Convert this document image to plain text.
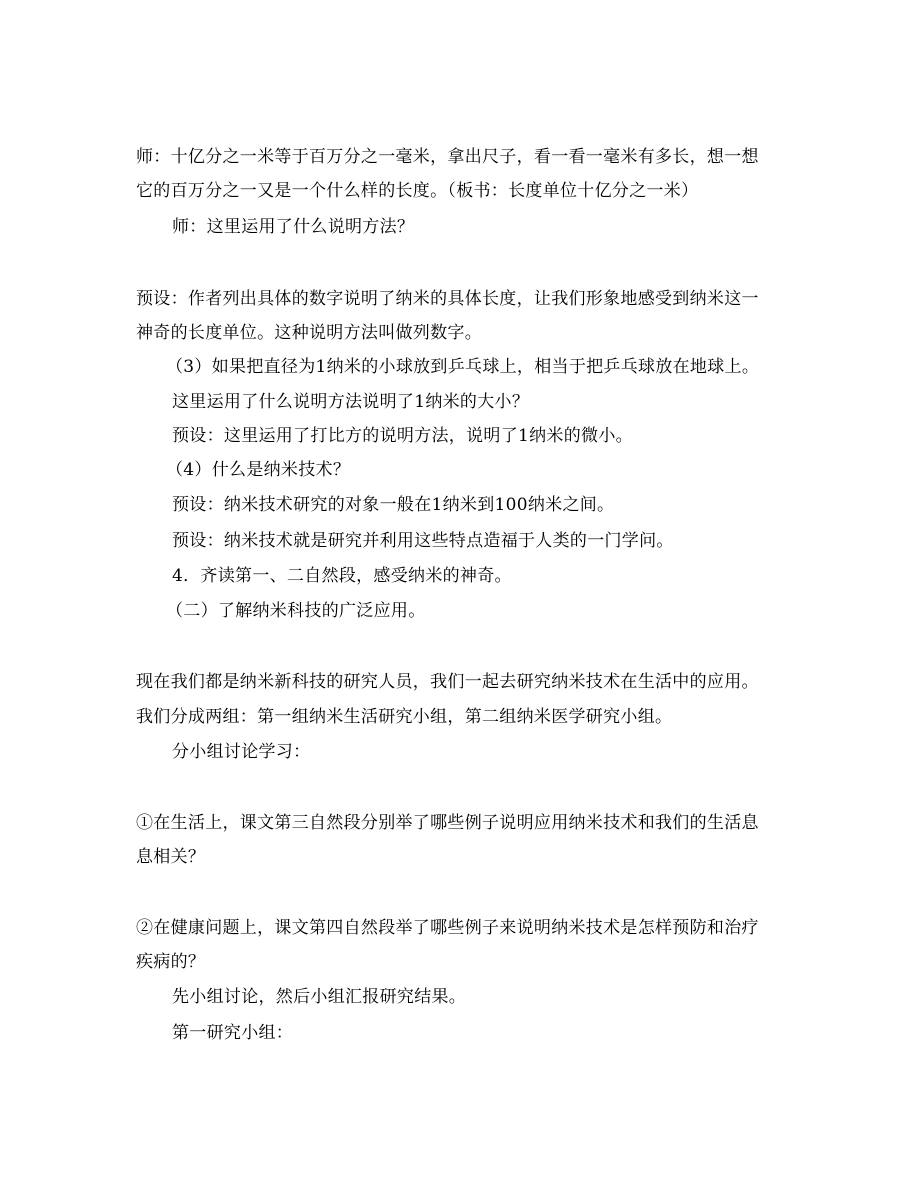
师：十亿分之一米等于百万分之一毫米，拿出尺子，看一看一毫米有多长，想一想
它的百万分之一又是一个什么样的长度。（板书：长度单位十亿分之一米）
师：这里运用了什么说明方法？
预设：作者列出具体的数字说明了纳米的具体长度，让我们形象地感受到纳米这一
神奇的长度单位。这种说明方法叫做列数字。
（3）如果把直径为1纳米的小球放到乒乓球上，相当于把乒乓球放在地球上。
这里运用了什么说明方法说明了1纳米的大小？
预设：这里运用了打比方的说明方法，说明了1纳米的微小。
（4）什么是纳米技术？
预设：纳米技术研究的对象一般在1纳米到100纳米之间。
预设：纳米技术就是研究并利用这些特点造福于人类的一门学问。
4．齐读第一、二自然段，感受纳米的神奇。
（二）了解纳米科技的广泛应用。
现在我们都是纳米新科技的研究人员，我们一起去研究纳米技术在生活中的应用。
我们分成两组：第一组纳米生活研究小组，第二组纳米医学研究小组。
分小组讨论学习：
①在生活上，课文第三自然段分别举了哪些例子说明应用纳米技术和我们的生活息
息相关？
②在健康问题上，课文第四自然段举了哪些例子来说明纳米技术是怎样预防和治疗
疾病的？
先小组讨论，然后小组汇报研究结果。
第一研究小组：
